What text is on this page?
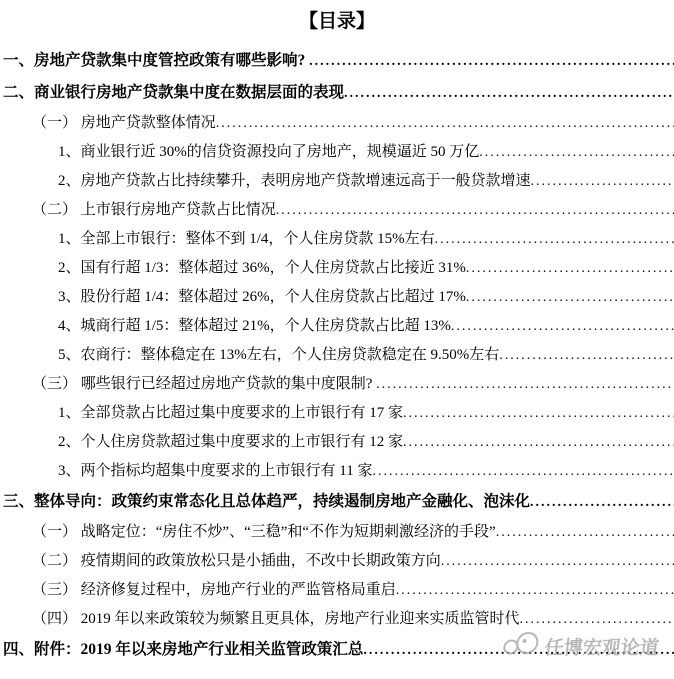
【目录】
一、房地产贷款集中度管控政策有哪些影响?
.....
二、商业银行房地产贷款集中度在数据层面的表现
.....
（一） 房地产贷款整体情况
.....
1、商业银行近 30%的信贷资源投向了房地产，规模逼近 50 万亿
.....
2、房地产贷款占比持续攀升，表明房地产贷款增速远高于一般贷款增速
.....
（二） 上市银行房地产贷款占比情况
.....
1、全部上市银行：整体不到 1/4，个人住房贷款 15%左右
.....
2、国有行超 1/3：整体超过 36%，个人住房贷款占比接近 31%
.....
3、股份行超 1/4：整体超过 26%，个人住房贷款占比超过 17%
.....
4、城商行超 1/5：整体超过 21%，个人住房贷款占比超 13%
.....
5、农商行：整体稳定在 13%左右，个人住房贷款稳定在 9.50%左右
.....
（三） 哪些银行已经超过房地产贷款的集中度限制?
.....
1、全部贷款占比超过集中度要求的上市银行有 17 家
.....
2、个人住房贷款超过集中度要求的上市银行有 12 家
.....
3、两个指标均超集中度要求的上市银行有 11 家
.....
三、整体导向：政策约束常态化且总体趋严，持续遏制房地产金融化、泡沫化
.....
（一） 战略定位：“房住不炒”、“三稳”和“不作为短期刺激经济的手段”
.....
（二） 疫情期间的政策放松只是小插曲，不改中长期政策方向
.....
（三） 经济修复过程中，房地产行业的严监管格局重启
.....
（四） 2019 年以来政策较为频繁且更具体，房地产行业迎来实质监管时代
.....
四、附件：2019 年以来房地产行业相关监管政策汇总 .....	任博宏观论道
